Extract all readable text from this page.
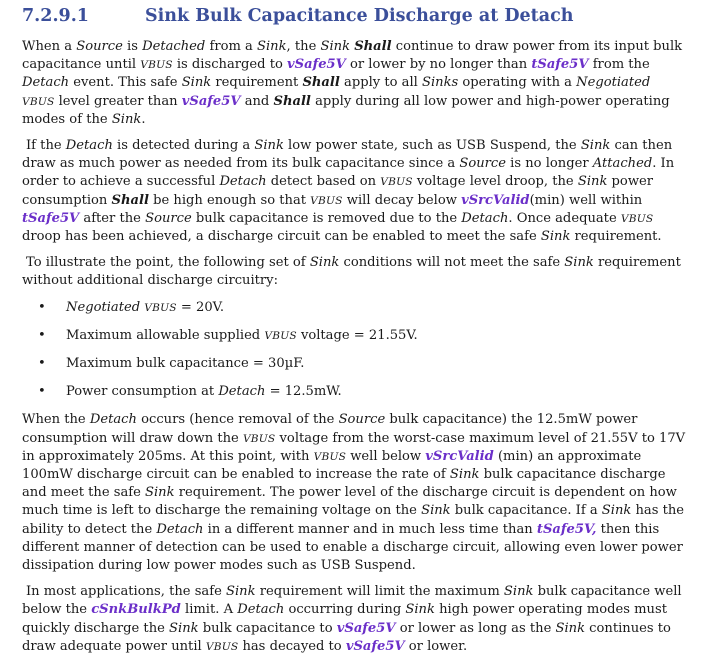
7.2.9.1	Sink Bulk Capacitance Discharge at Detach

When a Source is Detached from a Sink, the Sink Shall continue to draw power from its input bulk capacitance until VBUS is discharged to vSafe5V or lower by no longer than tSafe5V from the Detach event. This safe Sink requirement Shall apply to all Sinks operating with a Negotiated VBUS level greater than vSafe5V and Shall apply during all low power and high-power operating modes of the Sink.

If the Detach is detected during a Sink low power state, such as USB Suspend, the Sink can then draw as much power as needed from its bulk capacitance since a Source is no longer Attached. In order to achieve a successful Detach detect based on VBUS voltage level droop, the Sink power consumption Shall be high enough so that VBUS will decay below vSrcValid(min) well within tSafe5V after the Source bulk capacitance is removed due to the Detach. Once adequate VBUS droop has been achieved, a discharge circuit can be enabled to meet the safe Sink requirement.

To illustrate the point, the following set of Sink conditions will not meet the safe Sink requirement without additional discharge circuitry:

• Negotiated VBUS = 20V.
• Maximum allowable supplied VBUS voltage = 21.55V.
• Maximum bulk capacitance = 30µF.
• Power consumption at Detach = 12.5mW.

When the Detach occurs (hence removal of the Source bulk capacitance) the 12.5mW power consumption will draw down the VBUS voltage from the worst-case maximum level of 21.55V to 17V in approximately 205ms. At this point, with VBUS well below vSrcValid (min) an approximate 100mW discharge circuit can be enabled to increase the rate of Sink bulk capacitance discharge and meet the safe Sink requirement. The power level of the discharge circuit is dependent on how much time is left to discharge the remaining voltage on the Sink bulk capacitance. If a Sink has the ability to detect the Detach in a different manner and in much less time than tSafe5V, then this different manner of detection can be used to enable a discharge circuit, allowing even lower power dissipation during low power modes such as USB Suspend.

In most applications, the safe Sink requirement will limit the maximum Sink bulk capacitance well below the cSnkBulkPd limit. A Detach occurring during Sink high power operating modes must quickly discharge the Sink bulk capacitance to vSafe5V or lower as long as the Sink continues to draw adequate power until VBUS has decayed to vSafe5V or lower.
